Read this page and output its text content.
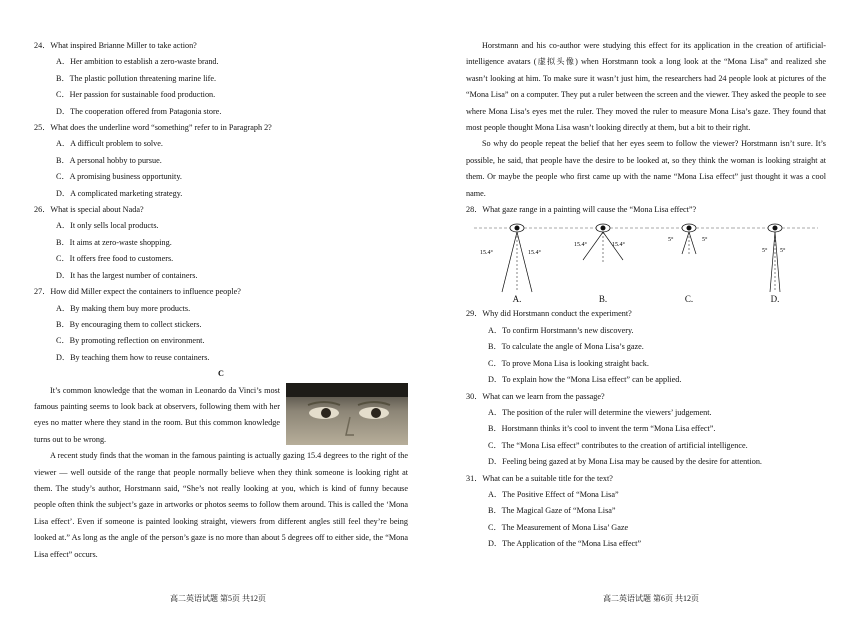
24．What inspired Brianne Miller to take action?

A．Her ambition to establish a zero-waste brand.

B．The plastic pollution threatening marine life.

C．Her passion for sustainable food production.

D．The cooperation offered from Patagonia store.

25．What does the underline word “something” refer to in Paragraph 2?

A．A difficult problem to solve.

B．A personal hobby to pursue.

C．A promising business opportunity.

D．A complicated marketing strategy.

26．What is special about Nada?

A．It only sells local products.

B．It aims at zero-waste shopping.

C．It offers free food to customers.

D．It has the largest number of containers.

27．How did Miller expect the containers to influence people?

A．By making them buy more products.

B．By encouraging them to collect stickers.

C．By promoting reflection on environment.

D．By teaching them how to reuse containers.

C

It’s common knowledge that the woman in Leonardo da Vinci’s most famous painting seems to look back at observers, following them with her eyes no matter where they stand in the room. But this common knowledge turns out to be wrong.

A recent study finds that the woman in the famous painting is actually gazing 15.4 degrees to the right of the viewer — well outside of the range that people normally believe when they think someone is looking right at them. The study’s author, Horstmann said, “She’s not really looking at you, which is kind of funny because people often think the subject’s gaze in artworks or photos seems to follow them around. This is called the ‘Mona Lisa effect’. Even if someone is painted looking straight, viewers from different angles still feel they’re being looked at.” As long as the angle of the person’s gaze is no more than about 5 degrees off to either side, the “Mona Lisa effect” occurs.

高二英语试题 第5页 共12页

Horstmann and his co-author were studying this effect for its application in the creation of artificial-intelligence avatars (虚拟头像) when Horstmann took a long look at the “Mona Lisa” and realized she wasn’t looking at him. To make sure it wasn’t just him, the researchers had 24 people look at pictures of the “Mona Lisa” on a computer. They put a ruler between the screen and the viewer. They asked the people to see where Mona Lisa’s eyes met the ruler. They moved the ruler to measure Mona Lisa’s gaze. They found that most people thought Mona Lisa wasn’t looking directly at them, but a bit to their right.

So why do people repeat the belief that her eyes seem to follow the viewer? Horstmann isn’t sure. It’s possible, he said, that people have the desire to be looked at, so they think the woman is looking straight at them. Or maybe the people who first came up with the name “Mona Lisa effect” just thought it was a cool name.

28．What gaze range in a painting will cause the “Mona Lisa effect”?

15.4°	15.4°
A.
15.4°	15.4°
B.
5°	5°
C.
5° 5°
D.

29．Why did Horstmann conduct the experiment?

A．To confirm Horstmann’s new discovery.

B．To calculate the angle of Mona Lisa’s gaze.

C．To prove Mona Lisa is looking straight back.

D．To explain how the “Mona Lisa effect” can be applied.

30．What can we learn from the passage?

A．The position of the ruler will determine the viewers’ judgement.

B．Horstmann thinks it’s cool to invent the term “Mona Lisa effect”.

C．The “Mona Lisa effect” contributes to the creation of artificial intelligence.

D．Feeling being gazed at by Mona Lisa may be caused by the desire for attention.

31．What can be a suitable title for the text?

A．The Positive Effect of “Mona Lisa”

B．The Magical Gaze of “Mona Lisa”

C．The Measurement of Mona Lisa’ Gaze

D．The Application of the “Mona Lisa effect”

高二英语试题 第6页 共12页
